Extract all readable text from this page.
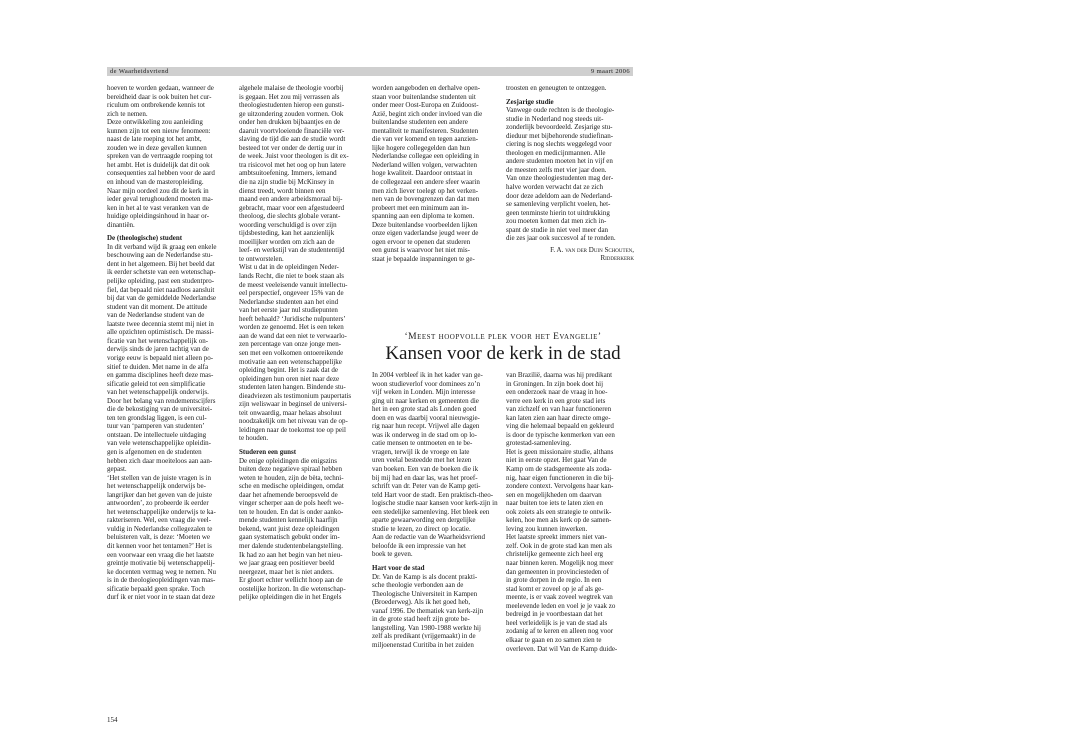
de Waarheidsvriend	9 maart 2006
hoeven te worden gedaan, wanneer de
bereidheid daar is ook buiten het cur-
riculum om ontbrekende kennis tot
zich te nemen.
Deze ontwikkeling zou aanleiding
kunnen zijn tot een nieuw fenomeen:
naast de late roeping tot het ambt,
zouden we in deze gevallen kunnen
spreken van de vertraagde roeping tot
het ambt. Het is duidelijk dat dit ook
consequenties zal hebben voor de aard
en inhoud van de masteropleiding.
Naar mijn oordeel zou dit de kerk in
ieder geval terughoudend moeten ma-
ken in het al te vast veranken van de
huidige opleidingsinhoud in haar or-
dinantiën.
De (theologische) student
In dit verband wijd ik graag een enkele
beschouwing aan de Nederlandse stu-
dent in het algemeen. Bij het beeld dat
ik eerder schetste van een wetenschap-
pelijke opleiding, past een studentpro-
fiel, dat bepaald niet naadloos aansluit
bij dat van de gemiddelde Nederlandse
student van dit moment. De attitude
van de Nederlandse student van de
laatste twee decennia stemt mij niet in
alle opzichten optimistisch. De massi-
ficatie van het wetenschappelijk on-
derwijs sinds de jaren tachtig van de
vorige eeuw is bepaald niet alleen po-
sitief te duiden. Met name in de alfa
en gamma disciplines heeft deze mas-
sificatie geleid tot een simplificatie
van het wetenschappelijk onderwijs.
Door het belang van rendementscijfers
die de bekostiging van de universitei-
ten ten grondslag liggen, is een cul-
tuur van ‘pamperen van studenten’
ontstaan. De intellectuele uitdaging
van vele wetenschappelijke opleidin-
gen is afgenomen en de studenten
hebben zich daar moeiteloos aan aan-
gepast.
‘Het stellen van de juiste vragen is in
het wetenschappelijk onderwijs be-
langrijker dan het geven van de juiste
antwoorden’, zo probeerde ik eerder
het wetenschappelijke onderwijs te ka-
rakteriseren. Wel, een vraag die veel-
vuldig in Nederlandse collegezalen te
beluisteren valt, is deze: ‘Moeten we
dit kennen voor het tentamen?’ Het is
een voorwaar een vraag die het laatste
greintje motivatie bij wetenschappelij-
ke docenten vermag weg te nemen. Nu
is in de theologieopleidingen van mas-
sificatie bepaald geen sprake. Toch
durf ik er niet voor in te staan dat deze
algehele malaise de theologie voorbij
is gegaan. Het zou mij verrassen als
theologiestudenten hierop een gunsti-
ge uitzondering zouden vormen. Ook
onder hen drukken bijbaantjes en de
daaruit voortvloeiende financiële ver-
slaving de tijd die aan de studie wordt
besteed tot ver onder de dertig uur in
de week. Juist voor theologen is dit ex-
tra risicovol met het oog op hun latere
ambtsuitoefening. Immers, iemand
die na zijn studie bij McKinsey in
dienst treedt, wordt binnen een
maand een andere arbeidsmoraal bij-
gebracht, maar voor een afgestudeerd
theoloog, die slechts globale verant-
woording verschuldigd is over zijn
tijdsbesteding, kan het aanzienlijk
moeilijker worden om zich aan de
leef- en werkstijl van de studententijd
te ontworstelen.
Wist u dat in de opleidingen Neder-
lands Recht, die niet te boek staan als
de meest veeleisende vanuit intellectu-
eel perspectief, ongeveer 15% van de
Nederlandse studenten aan het eind
van het eerste jaar nul studiepunten
heeft behaald? ‘Juridische nulpunters’
worden ze genoemd. Het is een teken
aan de wand dat een niet te verwaarlo-
zen percentage van onze jonge men-
sen met een volkomen ontoereikende
motivatie aan een wetenschappelijke
opleiding begint. Het is zaak dat de
opleidingen hun oren niet naar deze
studenten laten hangen. Bindende stu-
dieadviezen als testimonium paupertatis
zijn weliswaar in beginsel de universi-
teit onwaardig, maar helaas absoluut
noodzakelijk om het niveau van de op-
leidingen naar de toekomst toe op peil
te houden.
Studeren een gunst
De enige opleidingen die enigszins
buiten deze negatieve spiraal hebben
weten te houden, zijn de bèta, techni-
sche en medische opleidingen, omdat
daar het afnemende beroepsveld de
vinger scherper aan de pols heeft we-
ten te houden. En dat is onder aanko-
mende studenten kennelijk haarfijn
bekend, want juist deze opleidingen
gaan systematisch gebukt onder im-
mer dalende studentenbelangstelling.
Ik had zo aan het begin van het nieu-
we jaar graag een positiever beeld
neergezet, maar het is niet anders.
Er gloort echter wellicht hoop aan de
oostelijke horizon. In die wetenschap-
pelijke opleidingen die in het Engels
worden aangeboden en derhalve open-
staan voor buitenlandse studenten uit
onder meer Oost-Europa en Zuidoost-
Azië, begint zich onder invloed van die
buitenlandse studenten een andere
mentaliteit te manifesteren. Studenten
die van ver komend en tegen aanzien-
lijke hogere collegegelden dan hun
Nederlandse collegae een opleiding in
Nederland willen volgen, verwachten
hoge kwaliteit. Daardoor ontstaat in
de collegezaal een andere sfeer waarin
men zich liever toelegt op het verken-
nen van de bovengrenzen dan dat men
probeert met een minimum aan in-
spanning aan een diploma te komen.
Deze buitenlandse voorbeelden lijken
onze eigen vaderlandse jeugd weer de
ogen ervoor te openen dat studeren
een gunst is waarvoor het niet mis-
staat je bepaalde inspanningen te ge-
troosten en geneugten te ontzeggen.
Zesjarige studie
Vanwege oude rechten is de theologie-
studie in Nederland nog steeds uit-
zonderlijk bevoordeeld. Zesjarige stu-
dieduur met bijbehorende studiefinan-
ciering is nog slechts weggelegd voor
theologen en medicijnmannen. Alle
andere studenten moeten het in vijf en
de meesten zelfs met vier jaar doen.
Van onze theologiestudenten mag der-
halve worden verwacht dat ze zich
door deze adeldom aan de Nederland-
se samenleving verplicht voelen, het-
geen tenminste hierin tot uitdrukking
zou moeten komen dat men zich in-
spant de studie in niet veel meer dan
die zes jaar ook succesvol af te ronden.
F. A. van der Duin Schouten,
Ridderkerk
‘Meest hoopvolle plek voor het Evangelie’
Kansen voor de kerk in de stad
In 2004 verbleef ik in het kader van ge-
woon studieverlof voor dominees zo’n
vijf weken in Londen. Mijn interesse
ging uit naar kerken en gemeenten die
het in een grote stad als Londen goed
doen en was daarbij vooral nieuwsgie-
rig naar hun recept. Vrijwel alle dagen
was ik onderweg in de stad om op lo-
catie mensen te ontmoeten en te be-
vragen, terwijl ik de vroege en late
uren veelal besteedde met het lezen
van boeken. Een van de boeken die ik
bij mij had en daar las, was het proef-
schrift van dr. Peter van de Kamp geti-
teld Hart voor de stadt. Een praktisch-theo-
logische studie naar kansen voor kerk-zijn in
een stedelijke samenleving. Het bleek een
aparte gewaarwording een dergelijke
studie te lezen, zo direct op locatie.
Aan de redactie van de Waarheidsvriend
beloofde ik een impressie van het
boek te geven.
Hart voor de stad
Dr. Van de Kamp is als docent prakti-
sche theologie verbonden aan de
Theologische Universiteit in Kampen
(Broederweg). Als ik het goed heb,
vanaf 1996. De thematiek van kerk-zijn
in de grote stad heeft zijn grote be-
langstelling. Van 1980-1988 werkte hij
zelf als predikant (vrijgemaakt) in de
miljoenenstad Curitiba in het zuiden
van Brazilië, daarna was hij predikant
in Groningen. In zijn boek doet hij
een onderzoek naar de vraag in hoe-
verre een kerk in een grote stad iets
van zichzelf en van haar functioneren
kan laten zien aan haar directe omge-
ving die helemaal bepaald en gekleurd
is door de typische kenmerken van een
grotestad-samenleving.
Het is geen missionaire studie, althans
niet in eerste opzet. Het gaat Van de
Kamp om de stadsgemeente als zoda-
nig, haar eigen functioneren in die bij-
zondere context. Vervolgens haar kan-
sen en mogelijkheden om daarvan
naar buiten toe iets te laten zien en
ook zoiets als een strategie te ontwik-
kelen, hoe men als kerk op de samen-
leving zou kunnen inwerken.
Het laatste spreekt immers niet van-
zelf. Ook in de grote stad kan men als
christelijke gemeente zich heel erg
naar binnen keren. Mogelijk nog meer
dan gemeenten in provinciesteden of
in grote dorpen in de regio. In een
stad komt er zoveel op je af als ge-
meente, is er vaak zoveel wegtrek van
meelevende leden en voel je je vaak zo
bedreigd in je voortbestaan dat het
heel verleidelijk is je van de stad als
zodanig af te keren en alleen nog voor
elkaar te gaan en zo samen zien te
overleven. Dat wil Van de Kamp duide-
154
